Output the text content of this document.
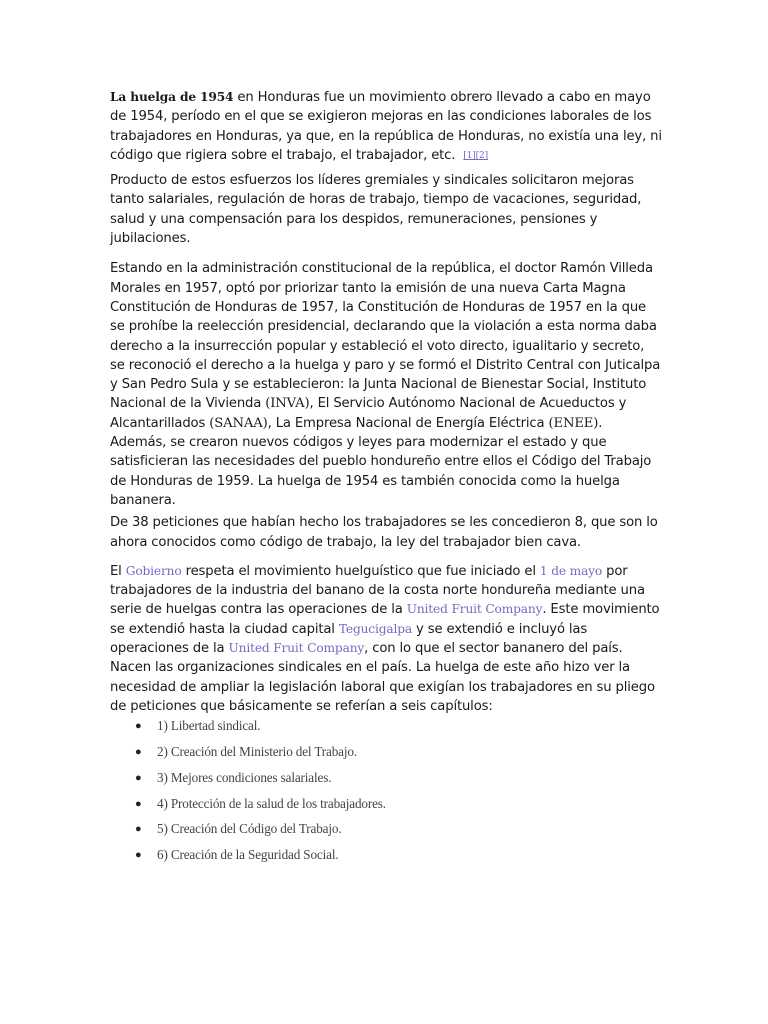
La huelga de 1954 en Honduras fue un movimiento obrero llevado a cabo en mayo de 1954, período en el que se exigieron mejoras en las condiciones laborales de los trabajadores en Honduras, ya que, en la república de Honduras, no existía una ley, ni código que rigiera sobre el trabajo, el trabajador, etc. [1][2]

Producto de estos esfuerzos los líderes gremiales y sindicales solicitaron mejoras tanto salariales, regulación de horas de trabajo, tiempo de vacaciones, seguridad, salud y una compensación para los despidos, remuneraciones, pensiones y jubilaciones.

Estando en la administración constitucional de la república, el doctor Ramón Villeda Morales en 1957, optó por priorizar tanto la emisión de una nueva Carta Magna Constitución de Honduras de 1957, la Constitución de Honduras de 1957 en la que se prohíbe la reelección presidencial, declarando que la violación a esta norma daba derecho a la insurrección popular y estableció el voto directo, igualitario y secreto, se reconoció el derecho a la huelga y paro y se formó el Distrito Central con Juticalpa y San Pedro Sula y se establecieron: la Junta Nacional de Bienestar Social, Instituto Nacional de la Vivienda (INVA), El Servicio Autónomo Nacional de Acueductos y Alcantarillados (SANAA), La Empresa Nacional de Energía Eléctrica (ENEE). Además, se crearon nuevos códigos y leyes para modernizar el estado y que satisficieran las necesidades del pueblo hondureño entre ellos el Código del Trabajo de Honduras de 1959. La huelga de 1954 es también conocida como la huelga bananera.

De 38 peticiones que habían hecho los trabajadores se les concedieron 8, que son lo ahora conocidos como código de trabajo, la ley del trabajador bien cava.

El Gobierno respeta el movimiento huelguístico que fue iniciado el 1 de mayo por trabajadores de la industria del banano de la costa norte hondureña mediante una serie de huelgas contra las operaciones de la United Fruit Company. Este movimiento se extendió hasta la ciudad capital Tegucigalpa y se extendió e incluyó las operaciones de la United Fruit Company, con lo que el sector bananero del país. Nacen las organizaciones sindicales en el país. La huelga de este año hizo ver la necesidad de ampliar la legislación laboral que exigían los trabajadores en su pliego de peticiones que básicamente se referían a seis capítulos:

● 1) Libertad sindical.
● 2) Creación del Ministerio del Trabajo.
● 3) Mejores condiciones salariales.
● 4) Protección de la salud de los trabajadores.
● 5) Creación del Código del Trabajo.
● 6) Creación de la Seguridad Social.
